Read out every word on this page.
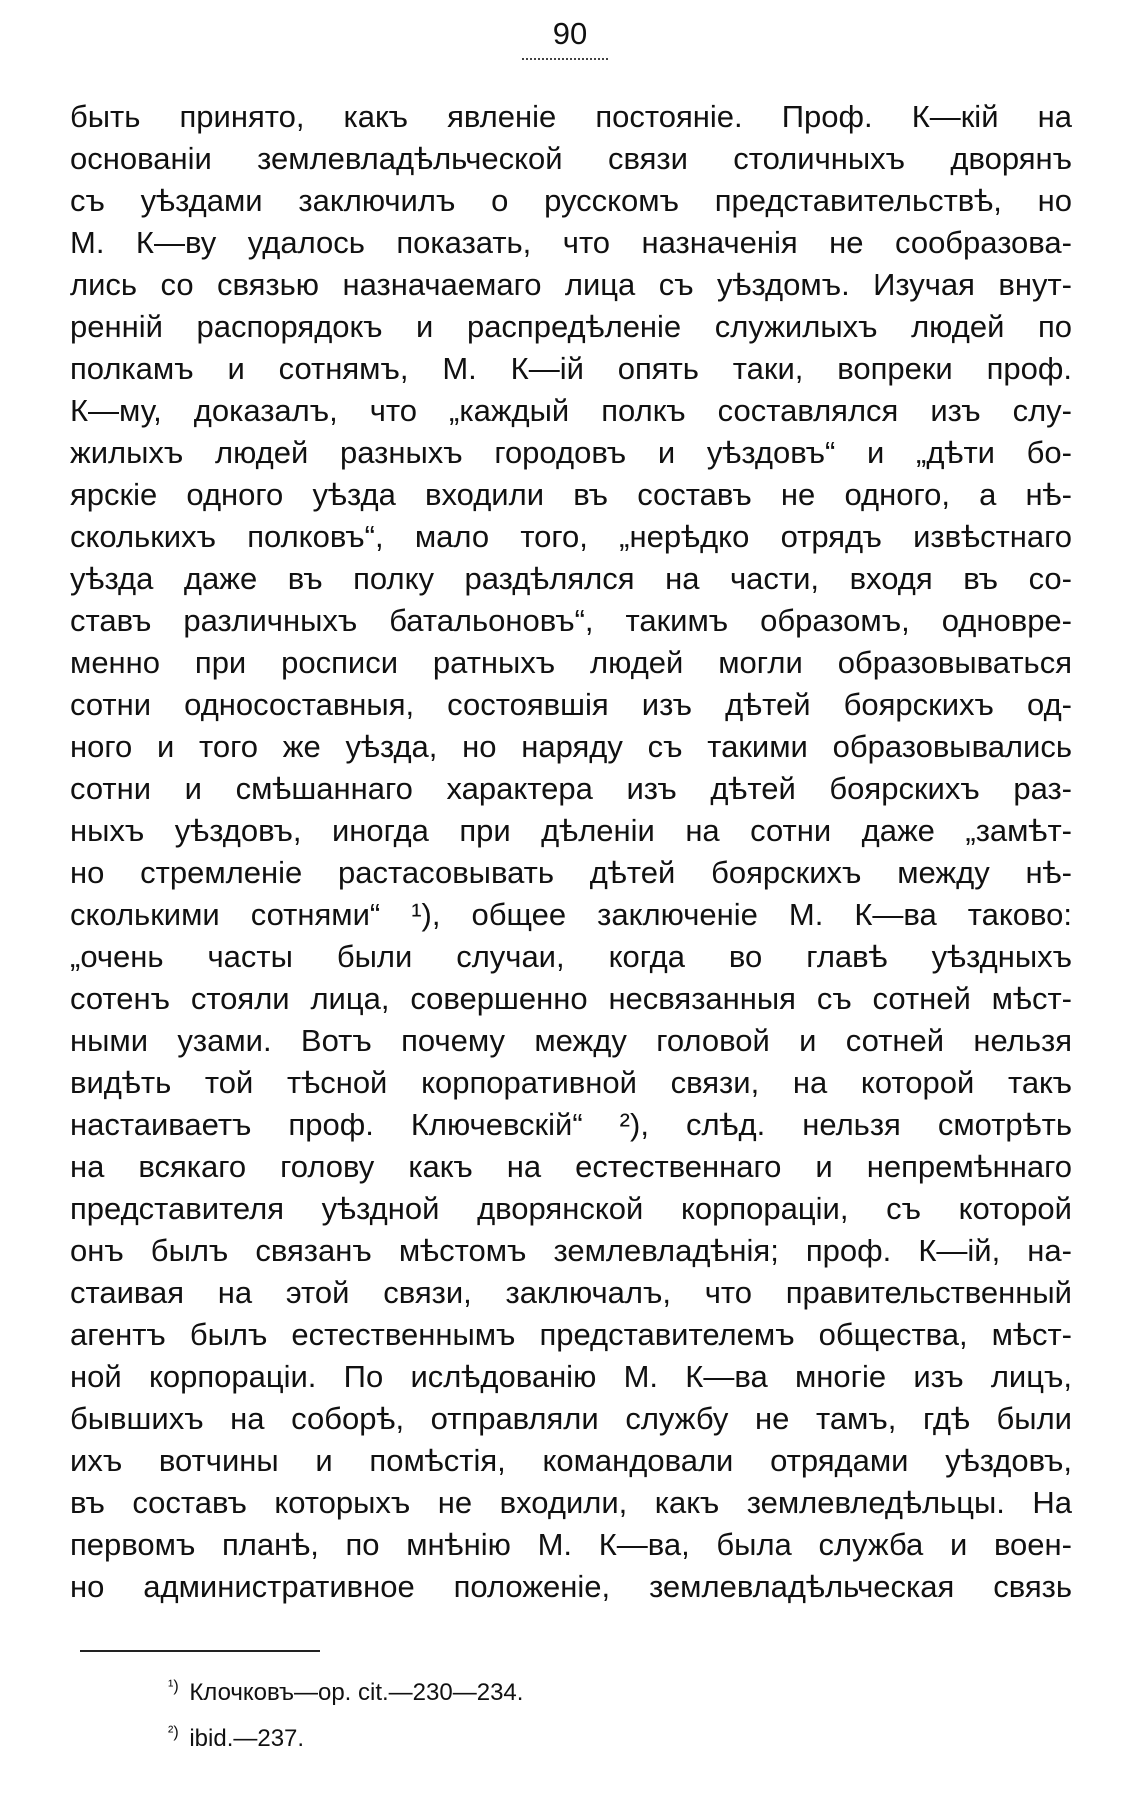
90
быть принято, какъ явленіе постояніе. Проф. К—кій на
основаніи землевладѣльческой связи столичныхъ дворянъ
съ уѣздами заключилъ о русскомъ представительствѣ, но
М. К—ву удалось показать, что назначенія не сообразова-
лись со связью назначаемаго лица съ уѣздомъ. Изучая внут-
ренній распорядокъ и распредѣленіе служилыхъ людей по
полкамъ и сотнямъ, М. К—ій опять таки, вопреки проф.
К—му, доказалъ, что „каждый полкъ составлялся изъ слу-
жилыхъ людей разныхъ городовъ и уѣздовъ“ и „дѣти бо-
ярскіе одного уѣзда входили въ составъ не одного, а нѣ-
сколькихъ полковъ“, мало того, „нерѣдко отрядъ извѣстнаго
уѣзда даже въ полку раздѣлялся на части, входя въ со-
ставъ различныхъ батальоновъ“, такимъ образомъ, одновре-
менно при росписи ратныхъ людей могли образовываться
сотни односоставныя, состоявшія изъ дѣтей боярскихъ од-
ного и того же уѣзда, но наряду съ такими образовывались
сотни и смѣшаннаго характера изъ дѣтей боярскихъ раз-
ныхъ уѣздовъ, иногда при дѣленіи на сотни даже „замѣт-
но стремленіе растасовывать дѣтей боярскихъ между нѣ-
сколькими сотнями“ ¹), общее заключеніе М. К—ва таково:
„очень часты были случаи, когда во главѣ уѣздныхъ
сотенъ стояли лица, совершенно несвязанныя съ сотней мѣст-
ными узами. Вотъ почему между головой и сотней нельзя
видѣть той тѣсной корпоративной связи, на которой такъ
настаиваетъ проф. Ключевскій“ ²), слѣд. нельзя смотрѣть
на всякаго голову какъ на естественнаго и непремѣннаго
представителя уѣздной дворянской корпораціи, съ которой
онъ былъ связанъ мѣстомъ землевладѣнія; проф. К—ій, на-
стаивая на этой связи, заключалъ, что правительственный
агентъ былъ естественнымъ представителемъ общества, мѣст-
ной корпораціи. По иcлѣдованію М. К—ва многіе изъ лицъ,
бывшихъ на соборѣ, отправляли службу не тамъ, гдѣ были
ихъ вотчины и помѣстія, командовали отрядами уѣздовъ,
въ составъ которыхъ не входили, какъ землевледѣльцы. На
первомъ планѣ, по мнѣнію М. К—ва, была служба и воен-
но административное положеніе, землевладѣльческая связь
$^{^1)}$ Клочковъ—op. cit.—230—234.
$^{^2)}$ ibid.—237.
